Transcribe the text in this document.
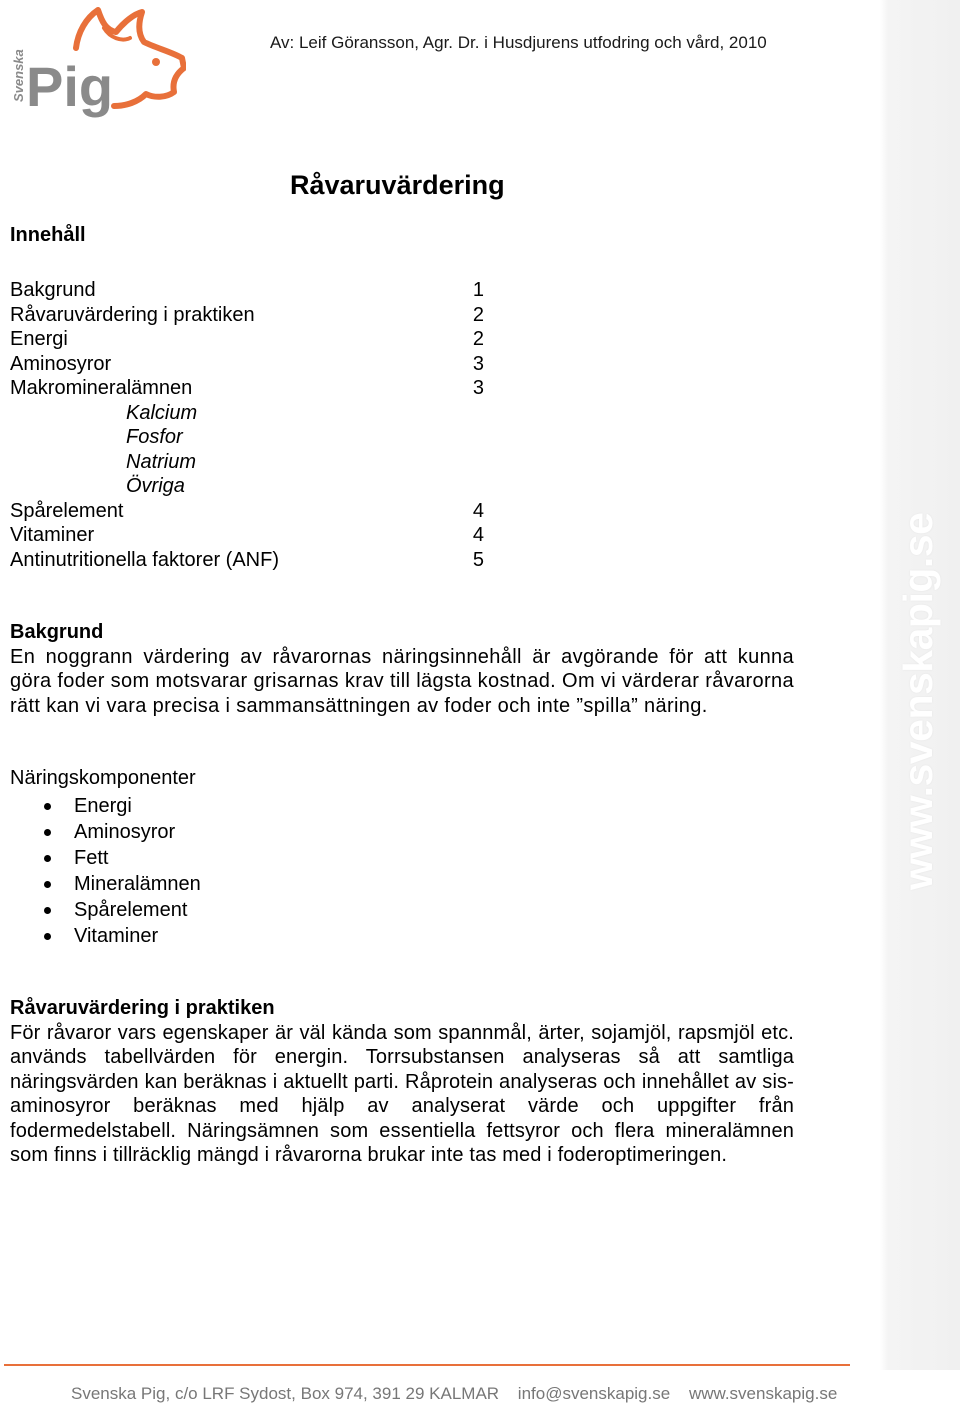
Pig
Svenska
Av: Leif Göransson, Agr. Dr. i Husdjurens utfodring och vård, 2010
Råvaruvärdering
Innehåll
Bakgrund	1
Råvaruvärdering i praktiken	2
Energi	2
Aminosyror	3
Makromineralämnen	3
Kalcium
Fosfor
Natrium
Övriga
Spårelement	4
Vitaminer	4
Antinutritionella faktorer (ANF)	5
Bakgrund

En noggrann värdering av råvarornas näringsinnehåll är avgörande för att kunna göra foder som motsvarar grisarnas krav till lägsta kostnad. Om vi värderar råvarorna rätt kan vi vara precisa i sammansättningen av foder och inte ”spilla” näring.

Näringskomponenter
Energi
Aminosyror
Fett
Mineralämnen
Spårelement
Vitaminer
Råvaruvärdering i praktiken

För råvaror vars egenskaper är väl kända som spannmål, ärter, sojamjöl, rapsmjöl etc. används tabellvärden för energin. Torrsubstansen analyseras så att samtliga näringsvärden kan beräknas i aktuellt parti. Råprotein analyseras och innehållet av sis-aminosyror beräknas med hjälp av analyserat värde och uppgifter från fodermedelstabell. Näringsämnen som essentiella fettsyror och flera mineralämnen som finns i tillräcklig mängd i råvarorna brukar inte tas med i foderoptimeringen.

www.svenskapig.se
Svenska Pig, c/o LRF Sydost, Box 974, 391 29 KALMAR info@svenskapig.se www.svenskapig.se
